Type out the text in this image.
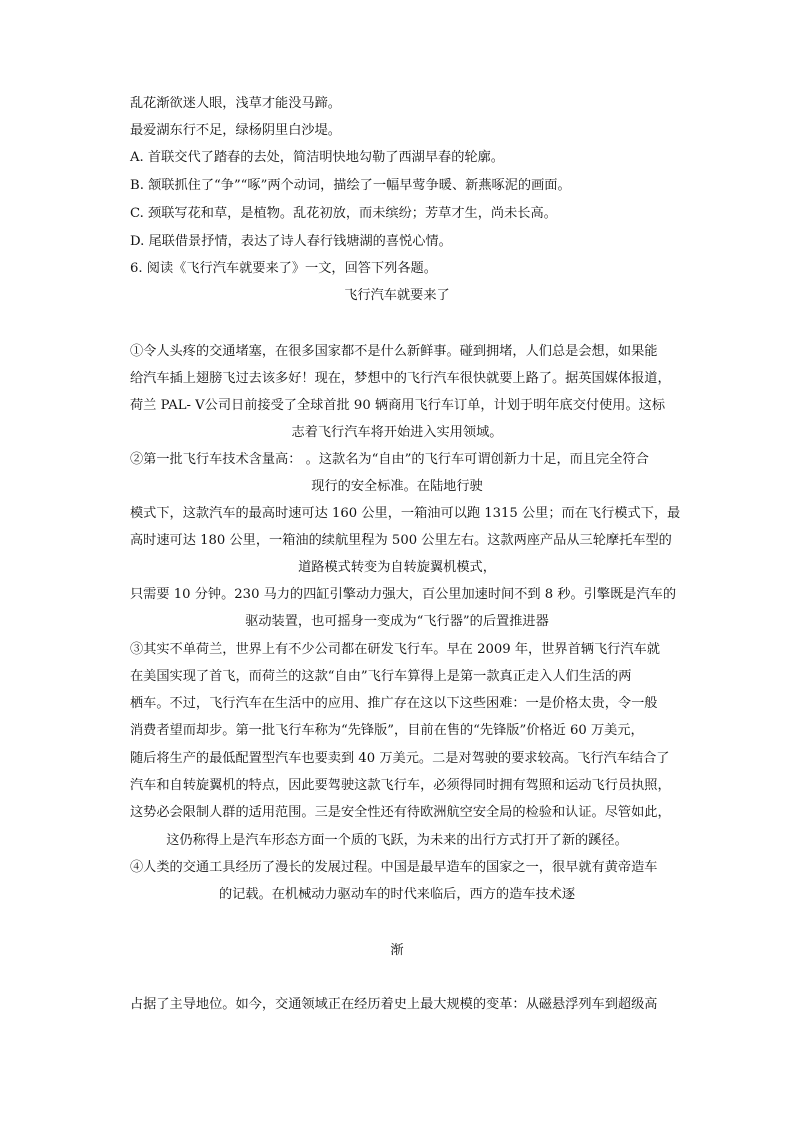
乱花渐欲迷人眼，浅草才能没马蹄。
最爱湖东行不足，绿杨阴里白沙堤。
A. 首联交代了踏春的去处，简洁明快地勾勒了西湖早春的轮廓。
B. 颔联抓住了“争”“啄”两个动词，描绘了一幅早莺争暖、新燕啄泥的画面。
C. 颈联写花和草，是植物。乱花初放，而未缤纷；芳草才生，尚未长高。
D. 尾联借景抒情，表达了诗人春行钱塘湖的喜悦心情。
6. 阅读《飞行汽车就要来了》一文，回答下列各题。
飞行汽车就要来了
①令人头疼的交通堵塞，在很多国家都不是什么新鲜事。碰到拥堵，人们总是会想，如果能
给汽车插上翅膀飞过去该多好！现在，梦想中的飞行汽车很快就要上路了。据英国媒体报道，
荷兰 PAL- V公司日前接受了全球首批 90 辆商用飞行车订单，计划于明年底交付使用。这标
志着飞行汽车将开始进入实用领域。
②第一批飞行车技术含量高： 。这款名为“自由”的飞行车可谓创新力十足，而且完全符合
现行的安全标准。在陆地行驶
模式下，这款汽车的最高时速可达 160 公里，一箱油可以跑 1315 公里；而在飞行模式下，最
高时速可达 180 公里，一箱油的续航里程为 500 公里左右。这款两座产品从三轮摩托车型的
道路模式转变为自转旋翼机模式，
只需要 10 分钟。230 马力的四缸引擎动力强大，百公里加速时间不到 8 秒。引擎既是汽车的
驱动装置，也可摇身一变成为“飞行器”的后置推进器
③其实不单荷兰，世界上有不少公司都在研发飞行车。早在 2009 年，世界首辆飞行汽车就
在美国实现了首飞，而荷兰的这款“自由”飞行车算得上是第一款真正走入人们生活的两
栖车。不过，飞行汽车在生活中的应用、推广存在这以下这些困难：一是价格太贵，令一般
消费者望而却步。第一批飞行车称为“先锋版”，目前在售的“先锋版”价格近 60 万美元，
随后将生产的最低配置型汽车也要卖到 40 万美元。二是对驾驶的要求较高。飞行汽车结合了
汽车和自转旋翼机的特点，因此要驾驶这款飞行车，必须得同时拥有驾照和运动飞行员执照，
这势必会限制人群的适用范围。三是安全性还有待欧洲航空安全局的检验和认证。尽管如此，
这仍称得上是汽车形态方面一个质的飞跃，为未来的出行方式打开了新的蹊径。
④人类的交通工具经历了漫长的发展过程。中国是最早造车的国家之一，很早就有黄帝造车
的记载。在机械动力驱动车的时代来临后，西方的造车技术逐
渐
占据了主导地位。如今，交通领域正在经历着史上最大规模的变革：从磁悬浮列车到超级高
